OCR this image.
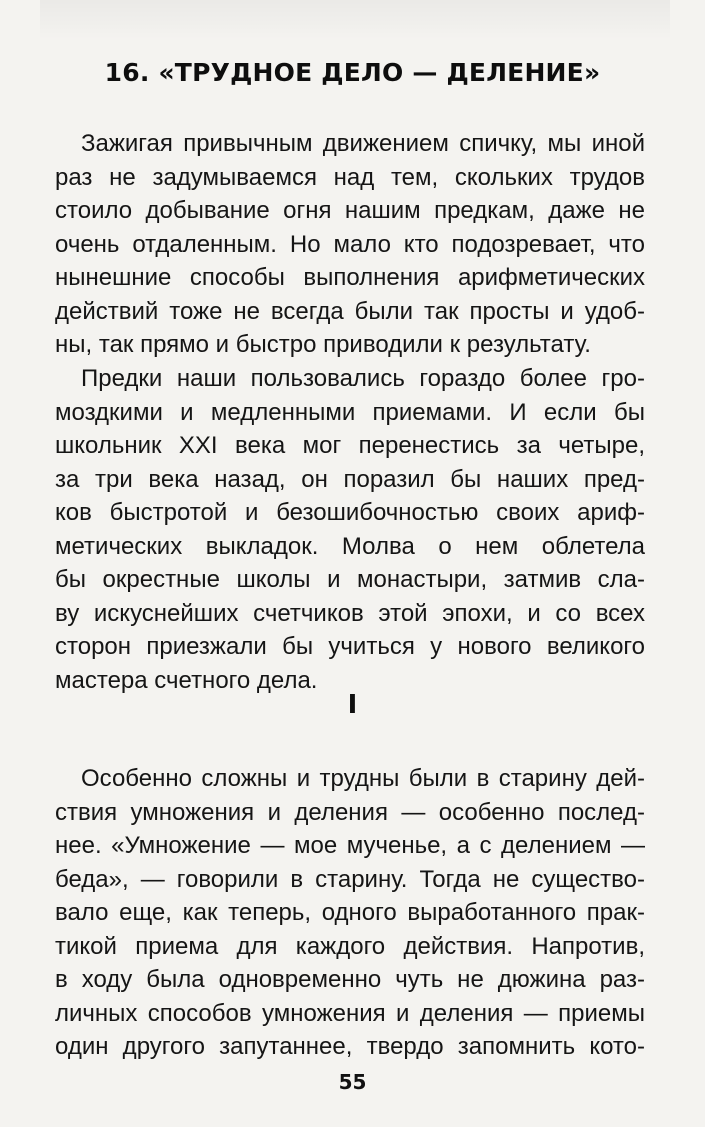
16. «ТРУДНОЕ ДЕЛО — ДЕЛЕНИЕ»
Зажигая привычным движением спичку, мы иной
раз не задумываемся над тем, скольких трудов
стоило добывание огня нашим предкам, даже не
очень отдаленным. Но мало кто подозревает, что
нынешние способы выполнения арифметических
действий тоже не всегда были так просты и удоб-
ны, так прямо и быстро приводили к результату.
Предки наши пользовались гораздо более гро-
моздкими и медленными приемами. И если бы
школьник XXI века мог перенестись за четыре,
за три века назад, он поразил бы наших пред-
ков быстротой и безошибочностью своих ариф-
метических выкладок. Молва о нем облетела
бы окрестные школы и монастыри, затмив сла-
ву искуснейших счетчиков этой эпохи, и со всех
сторон приезжали бы учиться у нового великого
мастера счетного дела.
I
Особенно сложны и трудны были в старину дей-
ствия умножения и деления — особенно послед-
нее. «Умножение — мое мученье, а с делением —
беда», — говорили в старину. Тогда не существо-
вало еще, как теперь, одного выработанного прак-
тикой приема для каждого действия. Напротив,
в ходу была одновременно чуть не дюжина раз-
личных способов умножения и деления — приемы
один другого запутаннее, твердо запомнить кото-
55
